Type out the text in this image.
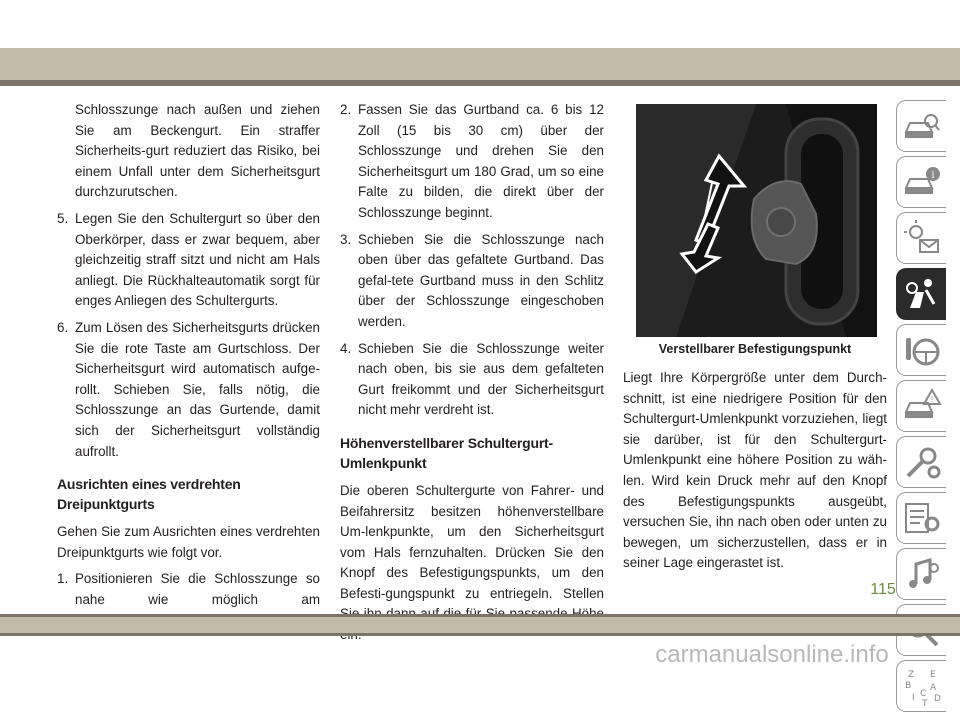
Schlosszunge nach außen und ziehen Sie am Beckengurt. Ein straffer Sicherheits-gurt reduziert das Risiko, bei einem Unfall unter dem Sicherheitsgurt durchzurutschen.

5. Legen Sie den Schultergurt so über den Oberkörper, dass er zwar bequem, aber gleichzeitig straff sitzt und nicht am Hals anliegt. Die Rückhalteautomatik sorgt für enges Anliegen des Schultergurts.
6. Zum Lösen des Sicherheitsgurts drücken Sie die rote Taste am Gurtschloss. Der Sicherheitsgurt wird automatisch aufge-rollt. Schieben Sie, falls nötig, die Schlosszunge an das Gurtende, damit sich der Sicherheitsgurt vollständig aufrollt.
Ausrichten eines verdrehten Dreipunktgurts

Gehen Sie zum Ausrichten eines verdrehten Dreipunktgurts wie folgt vor.

1. Positionieren Sie die Schlosszunge so nahe wie möglich am
2. Fassen Sie das Gurtband ca. 6 bis 12 Zoll (15 bis 30 cm) über der Schlosszunge und drehen Sie den Sicherheitsgurt um 180 Grad, um so eine Falte zu bilden, die direkt über der Schlosszunge beginnt.
3. Schieben Sie die Schlosszunge nach oben über das gefaltete Gurtband. Das gefal-tete Gurtband muss in den Schlitz über der Schlosszunge eingeschoben werden.
4. Schieben Sie die Schlosszunge weiter nach oben, bis sie aus dem gefalteten Gurt freikommt und der Sicherheitsgurt nicht mehr verdreht ist.
Höhenverstellbarer Schultergurt-Umlenkpunkt

Die oberen Schultergurte von Fahrer- und Beifahrersitz besitzen höhenverstellbare Um-lenkpunkte, um den Sicherheitsgurt vom Hals fernzuhalten. Drücken Sie den Knopf des Befestigungspunkts, um den Befesti-gungspunkt zu entriegeln. Stellen

Verstellbarer Befestigungspunkt

Liegt Ihre Körpergröße unter dem Durch-schnitt, ist eine niedrigere Position für den Schultergurt-Umlenkpunkt vorzuziehen, liegt sie darüber, ist für den Schultergurt-Umlenkpunkt eine höhere Position zu wäh-len. Wird kein Druck mehr auf den Knopf des Befestigungspunkts ausgeübt, versuchen Sie, ihn nach oben oder unten zu bewegen, um sicherzustellen, dass er in seiner Lage eingerastet ist.

i
!
Z E
B A
I C D
T
115
carmanualsonline.info
